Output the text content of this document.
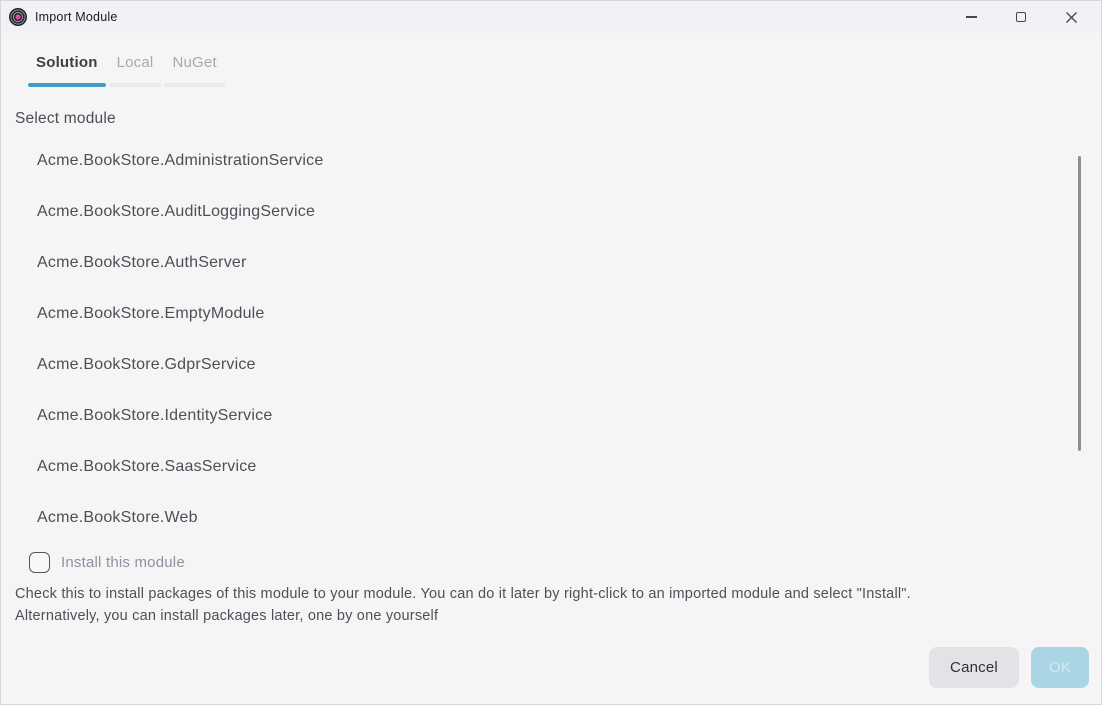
Import Module
Solution	Local	NuGet
Select module
Acme.BookStore.AdministrationService
Acme.BookStore.AuditLoggingService
Acme.BookStore.AuthServer
Acme.BookStore.EmptyModule
Acme.BookStore.GdprService
Acme.BookStore.IdentityService
Acme.BookStore.SaasService
Acme.BookStore.Web
Install this module
Check this to install packages of this module to your module. You can do it later by right-click to an imported module and select "Install".
Alternatively, you can install packages later, one by one yourself
Cancel	OK
